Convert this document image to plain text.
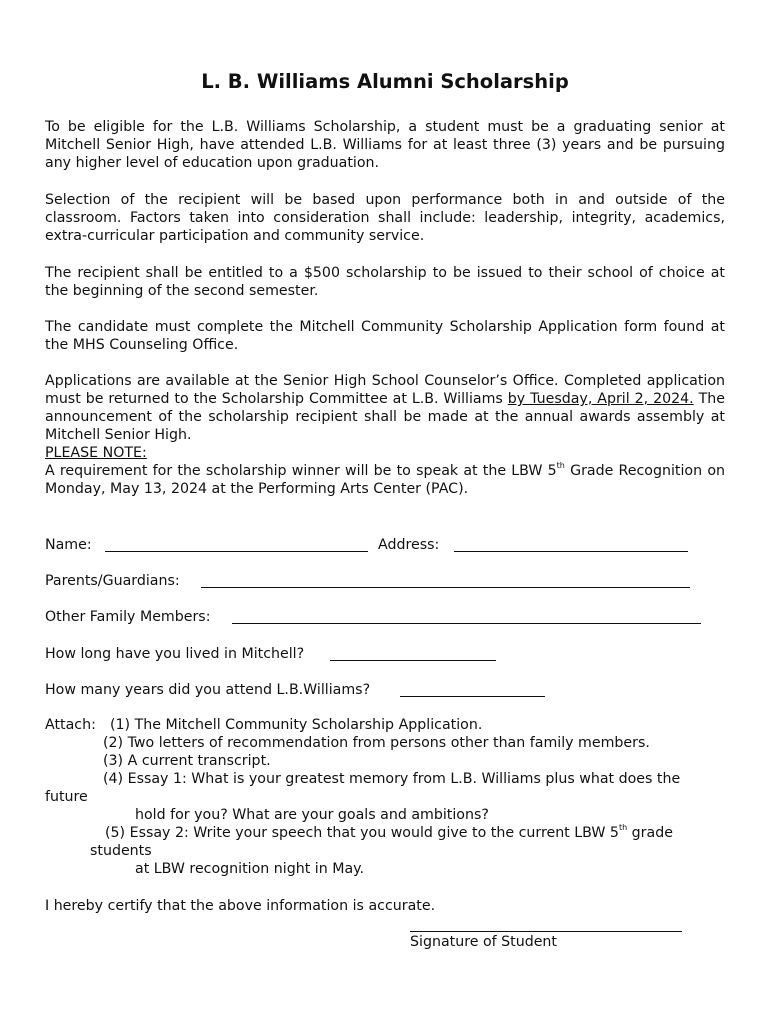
L. B. Williams Alumni Scholarship

To be eligible for the L.B. Williams Scholarship, a student must be a graduating senior at Mitchell Senior High, have attended L.B. Williams for at least three (3) years and be pursuing any higher level of education upon graduation.

Selection of the recipient will be based upon performance both in and outside of the classroom. Factors taken into consideration shall include: leadership, integrity, academics, extra-curricular participation and community service.

The recipient shall be entitled to a $500 scholarship to be issued to their school of choice at the beginning of the second semester.

The candidate must complete the Mitchell Community Scholarship Application form found at the MHS Counseling Office.

Applications are available at the Senior High School Counselor’s Office. Completed application must be returned to the Scholarship Committee at L.B. Williams by Tuesday, April 2, 2024. The announcement of the scholarship recipient shall be made at the annual awards assembly at Mitchell Senior High.

PLEASE NOTE:
A requirement for the scholarship winner will be to speak at the LBW 5th Grade Recognition on Monday, May 13, 2024 at the Performing Arts Center (PAC).

Name:	Address:
Parents/Guardians:
Other Family Members:
How long have you lived in Mitchell?
How many years did you attend L.B.Williams?
Attach: (1) The Mitchell Community Scholarship Application.
(2) Two letters of recommendation from persons other than family members.
(3) A current transcript.
(4) Essay 1: What is your greatest memory from L.B. Williams plus what does the
future
hold for you? What are your goals and ambitions?
(5) Essay 2: Write your speech that you would give to the current LBW 5th grade
students
at LBW recognition night in May.
I hereby certify that the above information is accurate.
Signature of Student
